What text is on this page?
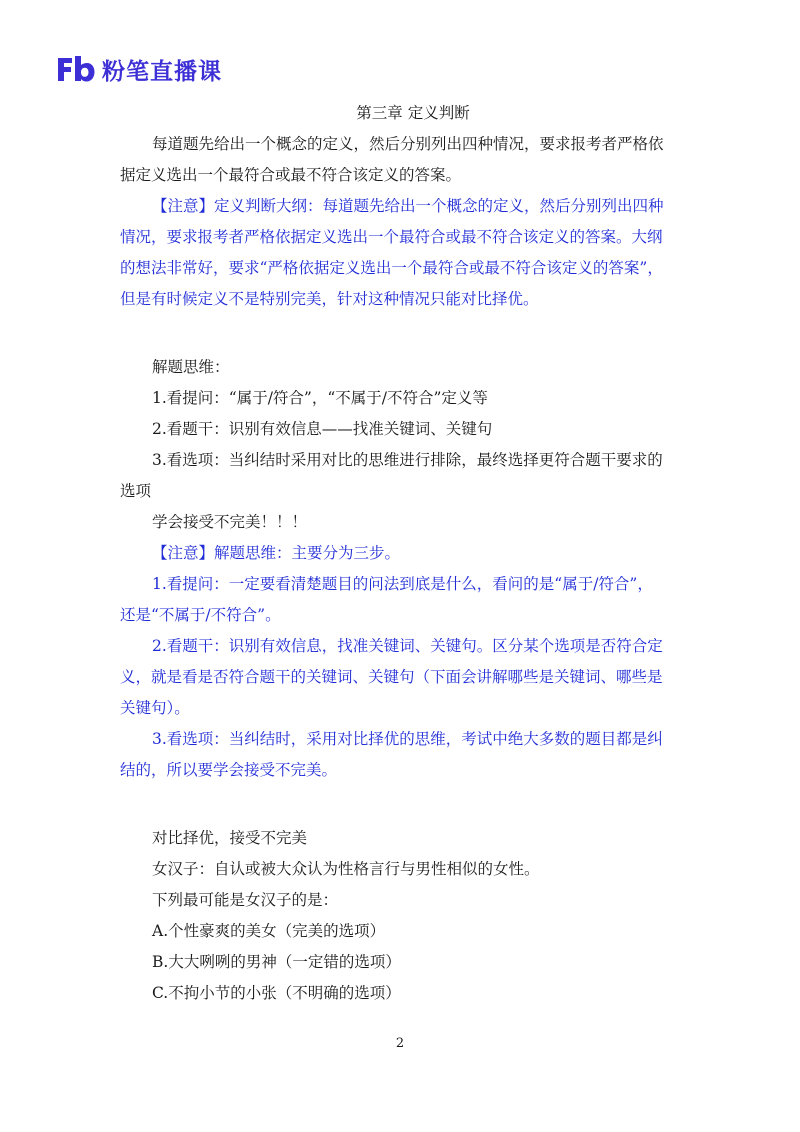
粉笔直播课
第三章 定义判断
每道题先给出一个概念的定义，然后分别列出四种情况，要求报考者严格依
据定义选出一个最符合或最不符合该定义的答案。
【注意】定义判断大纲：每道题先给出一个概念的定义，然后分别列出四种
情况，要求报考者严格依据定义选出一个最符合或最不符合该定义的答案。大纲
的想法非常好，要求“严格依据定义选出一个最符合或最不符合该定义的答案”，
但是有时候定义不是特别完美，针对这种情况只能对比择优。
解题思维：
1.看提问：“属于/符合”，“不属于/不符合”定义等
2.看题干：识别有效信息——找准关键词、关键句
3.看选项：当纠结时采用对比的思维进行排除，最终选择更符合题干要求的
选项
学会接受不完美！！！
【注意】解题思维：主要分为三步。
1.看提问：一定要看清楚题目的问法到底是什么，看问的是“属于/符合”，
还是“不属于/不符合”。
2.看题干：识别有效信息，找准关键词、关键句。区分某个选项是否符合定
义，就是看是否符合题干的关键词、关键句（下面会讲解哪些是关键词、哪些是
关键句）。
3.看选项：当纠结时，采用对比择优的思维，考试中绝大多数的题目都是纠
结的，所以要学会接受不完美。
对比择优，接受不完美
女汉子：自认或被大众认为性格言行与男性相似的女性。
下列最可能是女汉子的是：
A.个性豪爽的美女（完美的选项）
B.大大咧咧的男神（一定错的选项）
C.不拘小节的小张（不明确的选项）
2
